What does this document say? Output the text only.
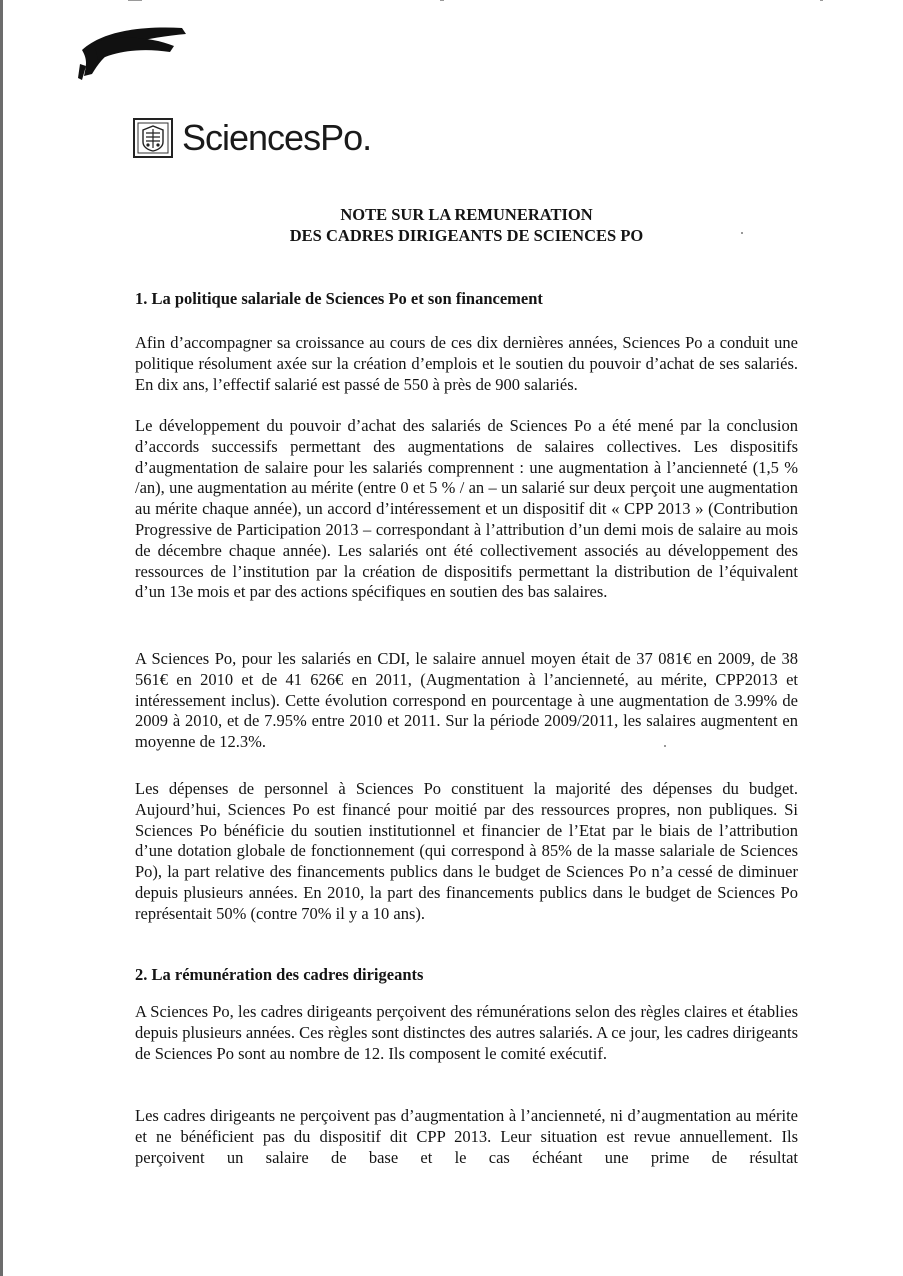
SciencesPo.
NOTE SUR LA REMUNERATION
DES CADRES DIRIGEANTS DE SCIENCES PO
1. La politique salariale de Sciences Po et son financement

Afin d’accompagner sa croissance au cours de ces dix dernières années, Sciences Po a conduit une politique résolument axée sur la création d’emplois et le soutien du pouvoir d’achat de ses salariés. En dix ans, l’effectif salarié est passé de 550 à près de 900 salariés.

Le développement du pouvoir d’achat des salariés de Sciences Po a été mené par la conclusion d’accords successifs permettant des augmentations de salaires collectives. Les dispositifs d’augmentation de salaire pour les salariés comprennent : une augmentation à l’ancienneté (1,5 % /an), une augmentation au mérite (entre 0 et 5 % / an – un salarié sur deux perçoit une augmentation au mérite chaque année), un accord d’intéressement et un dispositif dit « CPP 2013 » (Contribution Progressive de Participation 2013 – correspondant à l’attribution d’un demi mois de salaire au mois de décembre chaque année). Les salariés ont été collectivement associés au développement des ressources de l’institution par la création de dispositifs permettant la distribution de l’équivalent d’un 13e mois et par des actions spécifiques en soutien des bas salaires.

A Sciences Po, pour les salariés en CDI, le salaire annuel moyen était de 37 081€ en 2009, de 38 561€ en 2010 et de 41 626€ en 2011, (Augmentation à l’ancienneté, au mérite, CPP2013 et intéressement inclus). Cette évolution correspond en pourcentage à une augmentation de 3.99% de 2009 à 2010, et de 7.95% entre 2010 et 2011. Sur la période 2009/2011, les salaires augmentent en moyenne de 12.3%.

Les dépenses de personnel à Sciences Po constituent la majorité des dépenses du budget. Aujourd’hui, Sciences Po est financé pour moitié par des ressources propres, non publiques. Si Sciences Po bénéficie du soutien institutionnel et financier de l’Etat par le biais de l’attribution d’une dotation globale de fonctionnement (qui correspond à 85% de la masse salariale de Sciences Po), la part relative des financements publics dans le budget de Sciences Po n’a cessé de diminuer depuis plusieurs années. En 2010, la part des financements publics dans le budget de Sciences Po représentait 50% (contre 70% il y a 10 ans).

2. La rémunération des cadres dirigeants

A Sciences Po, les cadres dirigeants perçoivent des rémunérations selon des règles claires et établies depuis plusieurs années. Ces règles sont distinctes des autres salariés. A ce jour, les cadres dirigeants de Sciences Po sont au nombre de 12. Ils composent le comité exécutif.

Les cadres dirigeants ne perçoivent pas d’augmentation à l’ancienneté, ni d’augmentation au mérite et ne bénéficient pas du dispositif dit CPP 2013. Leur situation est revue annuellement. Ils perçoivent un salaire de base et le cas échéant une prime de résultat
